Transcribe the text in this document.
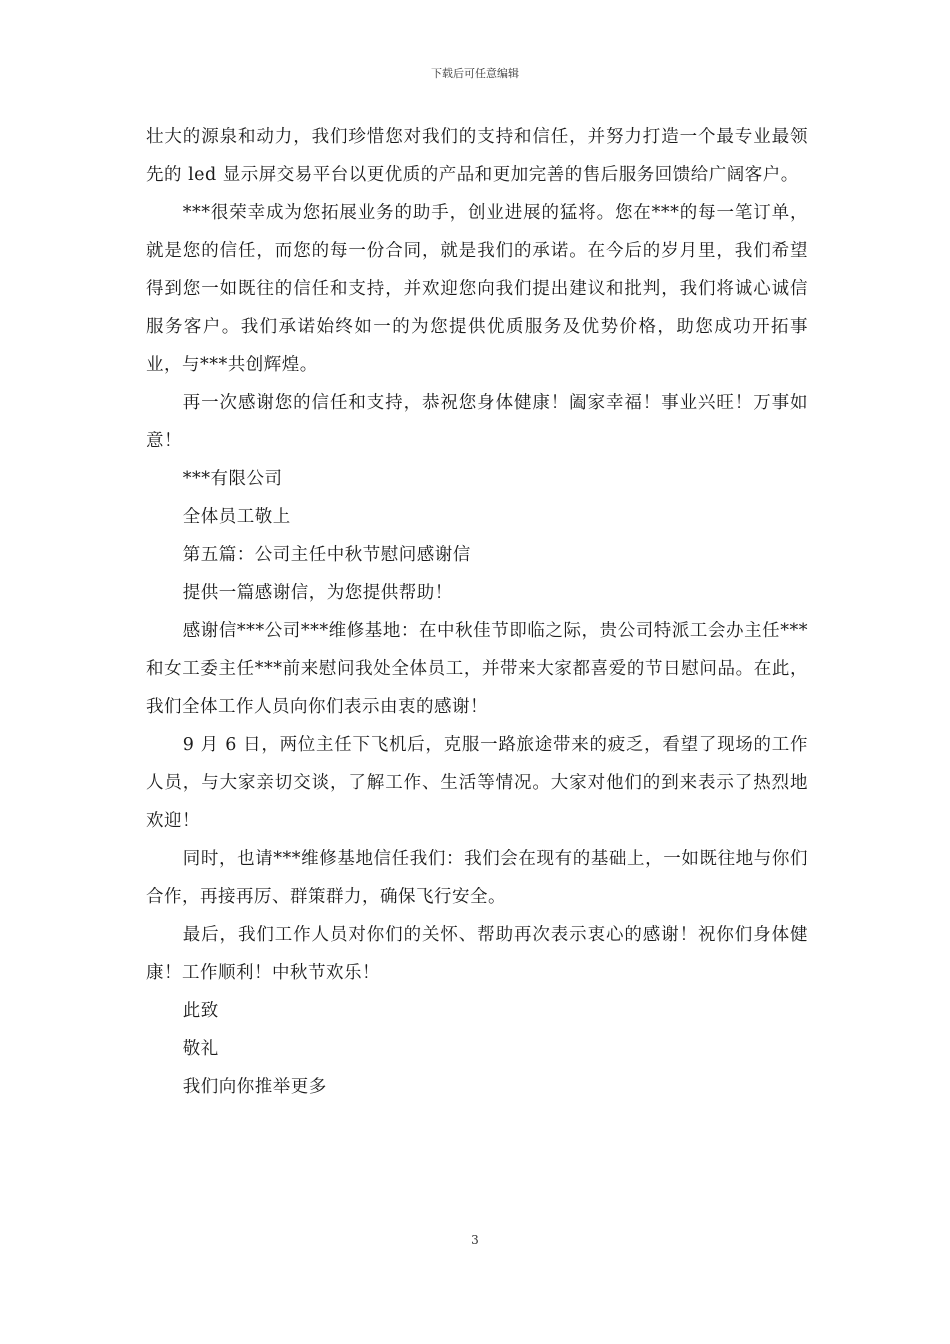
下载后可任意编辑

壮大的源泉和动力，我们珍惜您对我们的支持和信任，并努力打造一个最专业最领先的 led 显示屏交易平台以更优质的产品和更加完善的售后服务回馈给广阔客户。

***很荣幸成为您拓展业务的助手，创业进展的猛将。您在***的每一笔订单，就是您的信任，而您的每一份合同，就是我们的承诺。在今后的岁月里，我们希望得到您一如既往的信任和支持，并欢迎您向我们提出建议和批判，我们将诚心诚信服务客户。我们承诺始终如一的为您提供优质服务及优势价格，助您成功开拓事业，与***共创辉煌。

再一次感谢您的信任和支持，恭祝您身体健康！阖家幸福！事业兴旺！万事如意！

***有限公司

全体员工敬上

第五篇：公司主任中秋节慰问感谢信

提供一篇感谢信，为您提供帮助！

感谢信***公司***维修基地：在中秋佳节即临之际，贵公司特派工会办主任***和女工委主任***前来慰问我处全体员工，并带来大家都喜爱的节日慰问品。在此，我们全体工作人员向你们表示由衷的感谢！

9 月 6 日，两位主任下飞机后，克服一路旅途带来的疲乏，看望了现场的工作人员，与大家亲切交谈，了解工作、生活等情况。大家对他们的到来表示了热烈地欢迎！

同时，也请***维修基地信任我们：我们会在现有的基础上，一如既往地与你们合作，再接再厉、群策群力，确保飞行安全。

最后，我们工作人员对你们的关怀、帮助再次表示衷心的感谢！祝你们身体健康！工作顺利！中秋节欢乐！

此致

敬礼

我们向你推举更多

3
